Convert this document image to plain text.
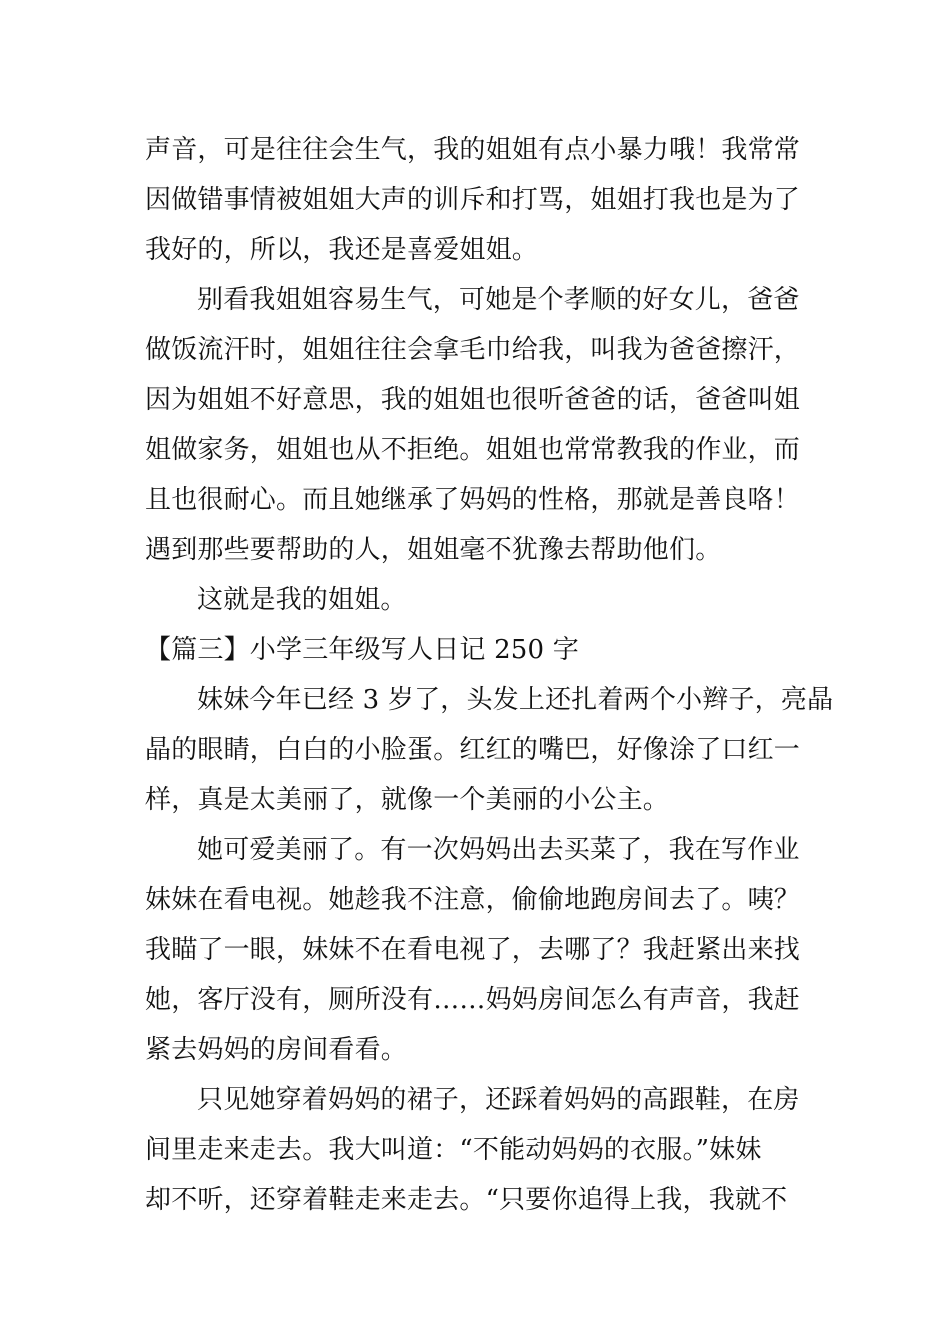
声音，可是往往会生气，我的姐姐有点小暴力哦！我常常
因做错事情被姐姐大声的训斥和打骂，姐姐打我也是为了
我好的，所以，我还是喜爱姐姐。
别看我姐姐容易生气，可她是个孝顺的好女儿，爸爸
做饭流汗时，姐姐往往会拿毛巾给我，叫我为爸爸擦汗，
因为姐姐不好意思，我的姐姐也很听爸爸的话，爸爸叫姐
姐做家务，姐姐也从不拒绝。姐姐也常常教我的作业，而
且也很耐心。而且她继承了妈妈的性格，那就是善良咯！
遇到那些要帮助的人，姐姐毫不犹豫去帮助他们。
这就是我的姐姐。
【篇三】小学三年级写人日记 250 字
妹妹今年已经 3 岁了，头发上还扎着两个小辫子，亮晶
晶的眼睛，白白的小脸蛋。红红的嘴巴，好像涂了口红一
样，真是太美丽了，就像一个美丽的小公主。
她可爱美丽了。有一次妈妈出去买菜了，我在写作业
妹妹在看电视。她趁我不注意，偷偷地跑房间去了。咦？
我瞄了一眼，妹妹不在看电视了，去哪了？我赶紧出来找
她，客厅没有，厕所没有……妈妈房间怎么有声音，我赶
紧去妈妈的房间看看。
只见她穿着妈妈的裙子，还踩着妈妈的高跟鞋，在房
间里走来走去。我大叫道：“不能动妈妈的衣服。”妹妹
却不听，还穿着鞋走来走去。“只要你追得上我，我就不
